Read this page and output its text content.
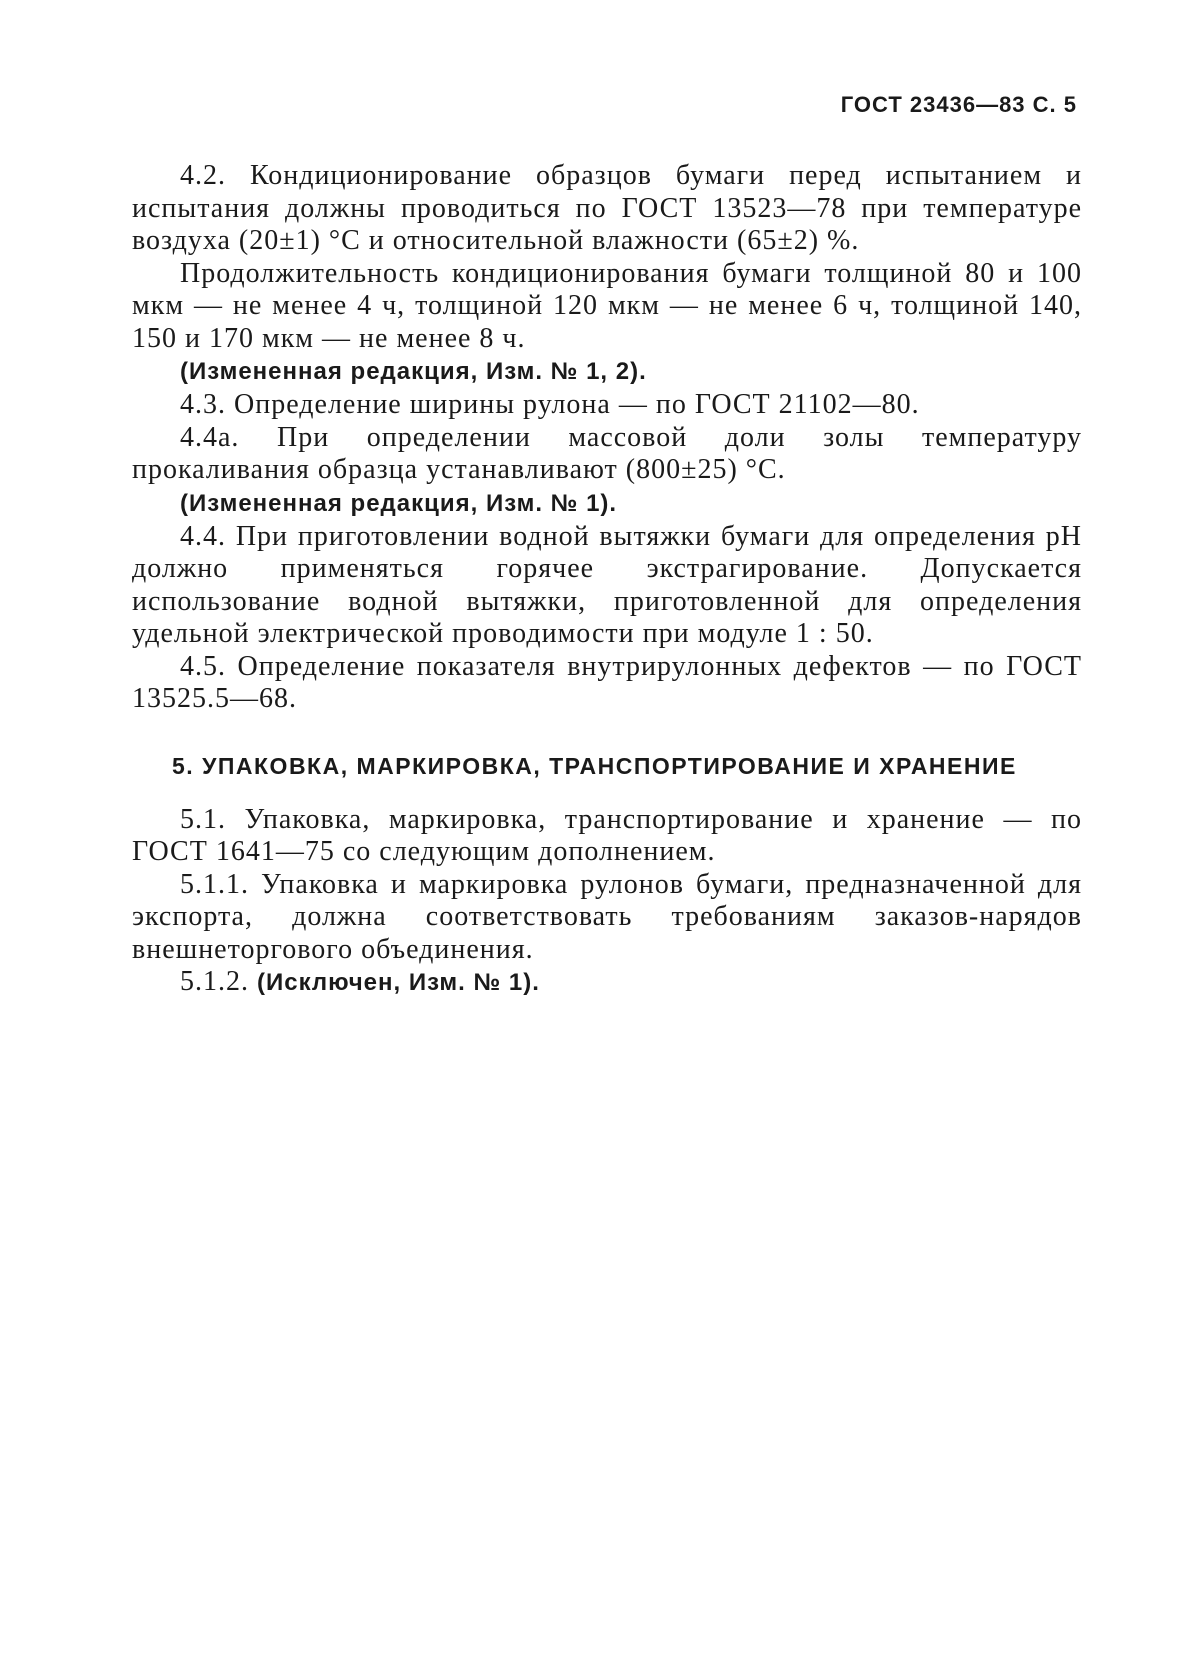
ГОСТ 23436—83 С. 5

4.2. Кондиционирование образцов бумаги перед испытанием и испытания должны проводиться по ГОСТ 13523—78 при температуре воздуха (20±1) °С и относительной влажности (65±2) %.

Продолжительность кондиционирования бумаги толщиной 80 и 100 мкм — не менее 4 ч, толщиной 120 мкм — не менее 6 ч, толщиной 140, 150 и 170 мкм — не менее 8 ч.

(Измененная редакция, Изм. № 1, 2).

4.3. Определение ширины рулона — по ГОСТ 21102—80.

4.4а. При определении массовой доли золы температуру прокаливания образца устанавливают (800±25) °С.

(Измененная редакция, Изм. № 1).

4.4. При приготовлении водной вытяжки бумаги для определения рН должно применяться горячее экстрагирование. Допускается использование водной вытяжки, приготовленной для определения удельной электрической проводимости при модуле 1 : 50.

4.5. Определение показателя внутрирулонных дефектов — по ГОСТ 13525.5—68.

5. УПАКОВКА, МАРКИРОВКА, ТРАНСПОРТИРОВАНИЕ И ХРАНЕНИЕ

5.1. Упаковка, маркировка, транспортирование и хранение — по ГОСТ 1641—75 со следующим дополнением.

5.1.1. Упаковка и маркировка рулонов бумаги, предназначенной для экспорта, должна соответствовать требованиям заказов-нарядов внешнеторгового объединения.

5.1.2. (Исключен, Изм. № 1).
